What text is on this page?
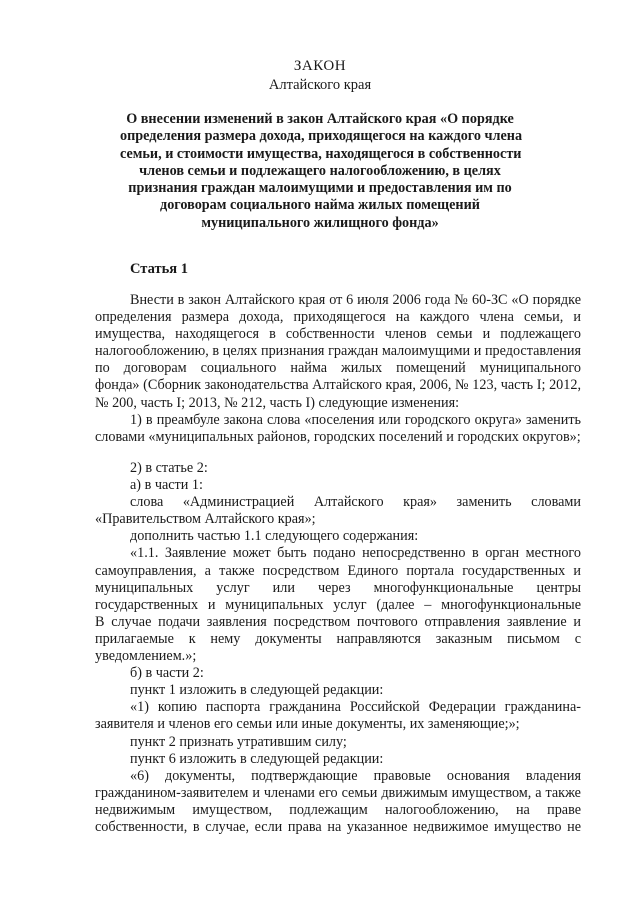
ЗАКОН
Алтайского края
О внесении изменений в закон Алтайского края «О порядке
определения размера дохода, приходящегося на каждого члена
семьи, и стоимости имущества, находящегося в собственности
членов семьи и подлежащего налогообложению, в целях
признания граждан малоимущими и предоставления им по
договорам социального найма жилых помещений
муниципального жилищного фонда»
Статья 1
Внести в закон Алтайского края от 6 июля 2006 года № 60-ЗС «О порядке
определения размера дохода, приходящегося на каждого члена семьи, и
имущества, находящегося в собственности членов семьи и подлежащего
налогообложению, в целях признания граждан малоимущими и предоставления
по договорам социального найма жилых помещений муниципального
фонда» (Сборник законодательства Алтайского края, 2006, № 123, часть I; 2012,
№ 200, часть I; 2013, № 212, часть I) следующие изменения:
1) в преамбуле закона слова «поселения или городского округа» заменить
словами «муниципальных районов, городских поселений и городских округов»;
2) в статье 2:
а) в части 1:
слова «Администрацией Алтайского края» заменить словами
«Правительством Алтайского края»;
дополнить частью 1.1 следующего содержания:
«1.1. Заявление может быть подано непосредственно в орган местного
самоуправления, а также посредством Единого портала государственных и
муниципальных услуг или через многофункциональные центры
государственных и муниципальных услуг (далее – многофункциональные
В случае подачи заявления посредством почтового отправления заявление и
прилагаемые к нему документы направляются заказным письмом с
уведомлением.»;
б) в части 2:
пункт 1 изложить в следующей редакции:
«1) копию паспорта гражданина Российской Федерации гражданина-
заявителя и членов его семьи или иные документы, их заменяющие;»;
пункт 2 признать утратившим силу;
пункт 6 изложить в следующей редакции:
«6) документы, подтверждающие правовые основания владения
гражданином-заявителем и членами его семьи движимым имуществом, а также
недвижимым имуществом, подлежащим налогообложению, на праве
собственности, в случае, если права на указанное недвижимое имущество не
